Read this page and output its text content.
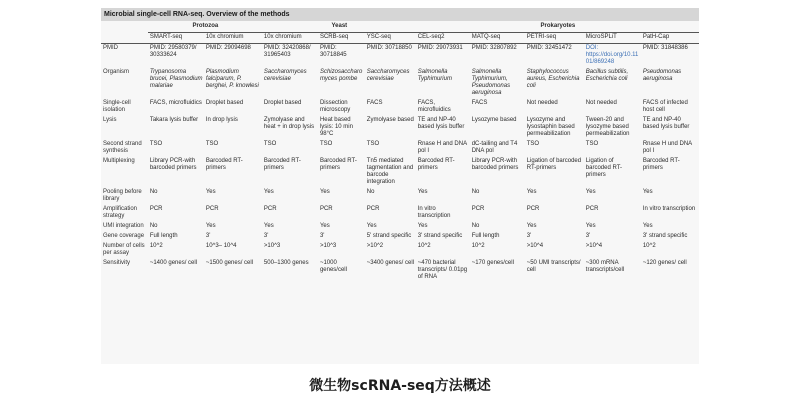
Microbial single-cell RNA-seq. Overview of the methods
	Protozoa		Yeast			Prokaryotes				
	SMART-seq	10x chromium	10x chromium	SCRB-seq	YSC-seq	CEL-seq2	MATQ-seq	PETRI-seq	MicroSPLiT	PatH-Cap
PMID	PMID: 29580379/ 30333624	PMID: 29094698	PMID: 32420868/ 31965403	PMID: 30718845	PMID: 30718850	PMID: 29073931	PMID: 32807892	PMID: 32451472	DOI: https://doi.org/10.1101/869248	PMID: 31848386
Organism	Trypanosoma brucei, Plasmodium malariae	Plasmodium falciparum, P. berghei, P. knowlesi	Saccharomyces cerevisiae	Schizosaccharomyces pombe	Saccharomyces cerevisiae	Salmonella Typhimurium	Salmonella Typhimurium, Pseudomonas aeruginosa	Staphylococcus aureus, Escherichia coli	Bacillus subtilis, Escherichia coli	Pseudomonas aeruginosa
Single-cell isolation	FACS, microfluidics	Droplet based	Droplet based	Dissection microscopy	FACS	FACS, microfluidics	FACS	Not needed	Not needed	FACS of infected host cell
Lysis	Takara lysis buffer	In drop lysis	Zymolyase and heat + in drop lysis	Heat based lysis: 10 min 98°C	Zymolyase based	TE and NP-40 based lysis buffer	Lysozyme based	Lysozyme and lysostaphin based permeabilization	Tween-20 and lysozyme based permeabilization	TE and NP-40 based lysis buffer
Second strand synthesis	TSO	TSO	TSO	TSO	TSO	Rnase H and DNA pol I	dC-tailing and T4 DNA pol	TSO	TSO	Rnase H und DNA pol I
Multiplexing	Library PCR-with barcoded primers	Barcoded RT-primers	Barcoded RT-primers	Barcoded RT-primers	Tn5 mediated tagmentation and barcode integration	Barcoded RT-primers	Library PCR-with barcoded primers	Ligation of barcoded RT-primers	Ligation of barcoded RT-primers	Barcoded RT-primers
Pooling before library	No	Yes	Yes	Yes	No	Yes	No	Yes	Yes	Yes
Amplification strategy	PCR	PCR	PCR	PCR	PCR	In vitro transcription	PCR	PCR	PCR	In vitro transcription
UMI integration	No	Yes	Yes	Yes	Yes	Yes	No	Yes	Yes	Yes
Gene coverage	Full length	3'	3'	3'	5' strand specific	3' strand specific	Full length	3'	3'	3' strand specific
Number of cells per assay	10^2	10^3– 10^4	>10^3	>10^3	>10^2	10^2	10^2	>10^4	>10^4	10^2
Sensitivity	~1400 genes/ cell	~1500 genes/ cell	500–1300 genes	~1000 genes/cell	~3400 genes/ cell	~470 bacterial transcripts/ 0.01pg of RNA	~170 genes/cell	~50 UMI transcripts/ cell	~300 mRNA transcripts/cell	~120 genes/ cell
微生物scRNA-seq方法概述
